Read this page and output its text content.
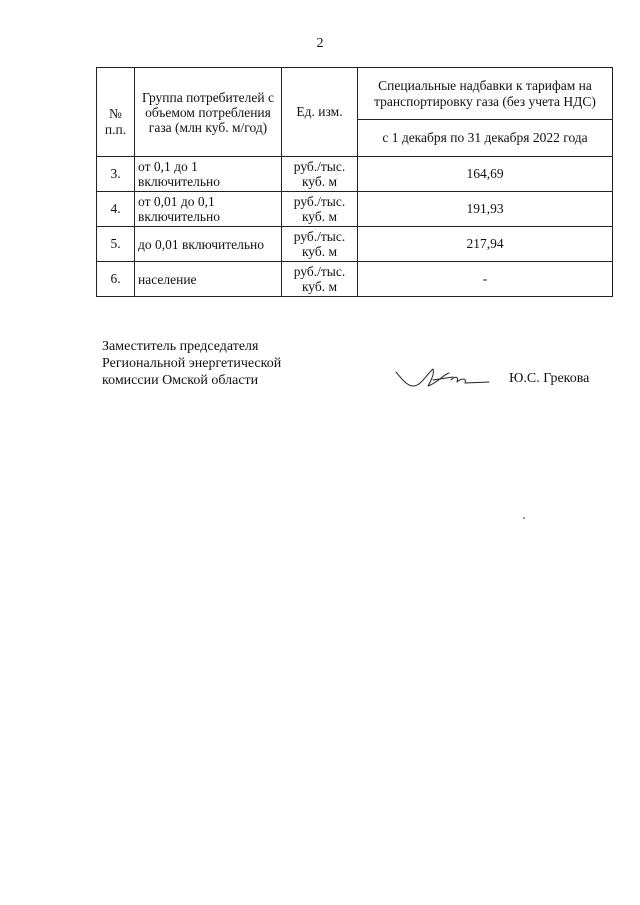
2
№ п.п.	Группа потребителей с объемом потребления газа (млн куб. м/год)	Ед. изм.	Специальные надбавки к тарифам на транспортировку газа (без учета НДС)
			с 1 декабря по 31 декабря 2022 года
3.	от 0,1 до 1 включительно	руб./тыс. куб. м	164,69
4.	от 0,01 до 0,1 включительно	руб./тыс. куб. м	191,93
5.	до 0,01 включительно	руб./тыс. куб. м	217,94
6.	население	руб./тыс. куб. м	-
Заместитель председателя
Региональной энергетической
комиссии Омской области	Ю.С. Грекова
